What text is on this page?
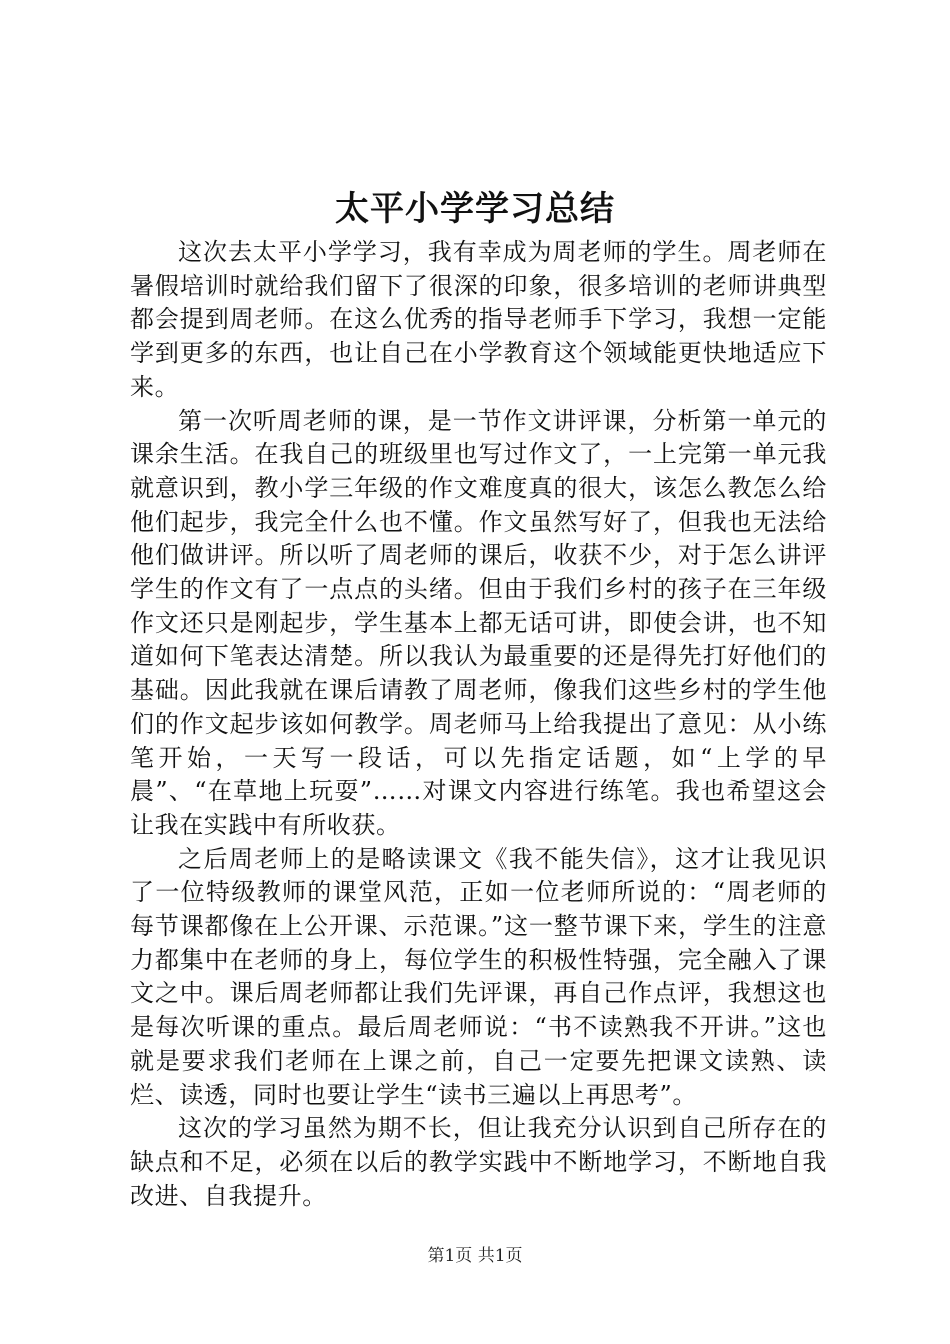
太平小学学习总结

这次去太平小学学习，我有幸成为周老师的学生。周老师在暑假培训时就给我们留下了很深的印象，很多培训的老师讲典型都会提到周老师。在这么优秀的指导老师手下学习，我想一定能学到更多的东西，也让自己在小学教育这个领域能更快地适应下来。

第一次听周老师的课，是一节作文讲评课，分析第一单元的课余生活。在我自己的班级里也写过作文了，一上完第一单元我就意识到，教小学三年级的作文难度真的很大，该怎么教怎么给他们起步，我完全什么也不懂。作文虽然写好了，但我也无法给他们做讲评。所以听了周老师的课后，收获不少，对于怎么讲评学生的作文有了一点点的头绪。但由于我们乡村的孩子在三年级作文还只是刚起步，学生基本上都无话可讲，即使会讲，也不知道如何下笔表达清楚。所以我认为最重要的还是得先打好他们的基础。因此我就在课后请教了周老师，像我们这些乡村的学生他们的作文起步该如何教学。周老师马上给我提出了意见：从小练笔开始，一天写一段话，可以先指定话题，如“上学的早晨”、“在草地上玩耍”……对课文内容进行练笔。我也希望这会让我在实践中有所收获。

之后周老师上的是略读课文《我不能失信》，这才让我见识了一位特级教师的课堂风范，正如一位老师所说的：“周老师的每节课都像在上公开课、示范课。”这一整节课下来，学生的注意力都集中在老师的身上，每位学生的积极性特强，完全融入了课文之中。课后周老师都让我们先评课，再自己作点评，我想这也是每次听课的重点。最后周老师说：“书不读熟我不开讲。”这也就是要求我们老师在上课之前，自己一定要先把课文读熟、读烂、读透，同时也要让学生“读书三遍以上再思考”。

这次的学习虽然为期不长，但让我充分认识到自己所存在的缺点和不足，必须在以后的教学实践中不断地学习，不断地自我改进、自我提升。

第1页 共1页
